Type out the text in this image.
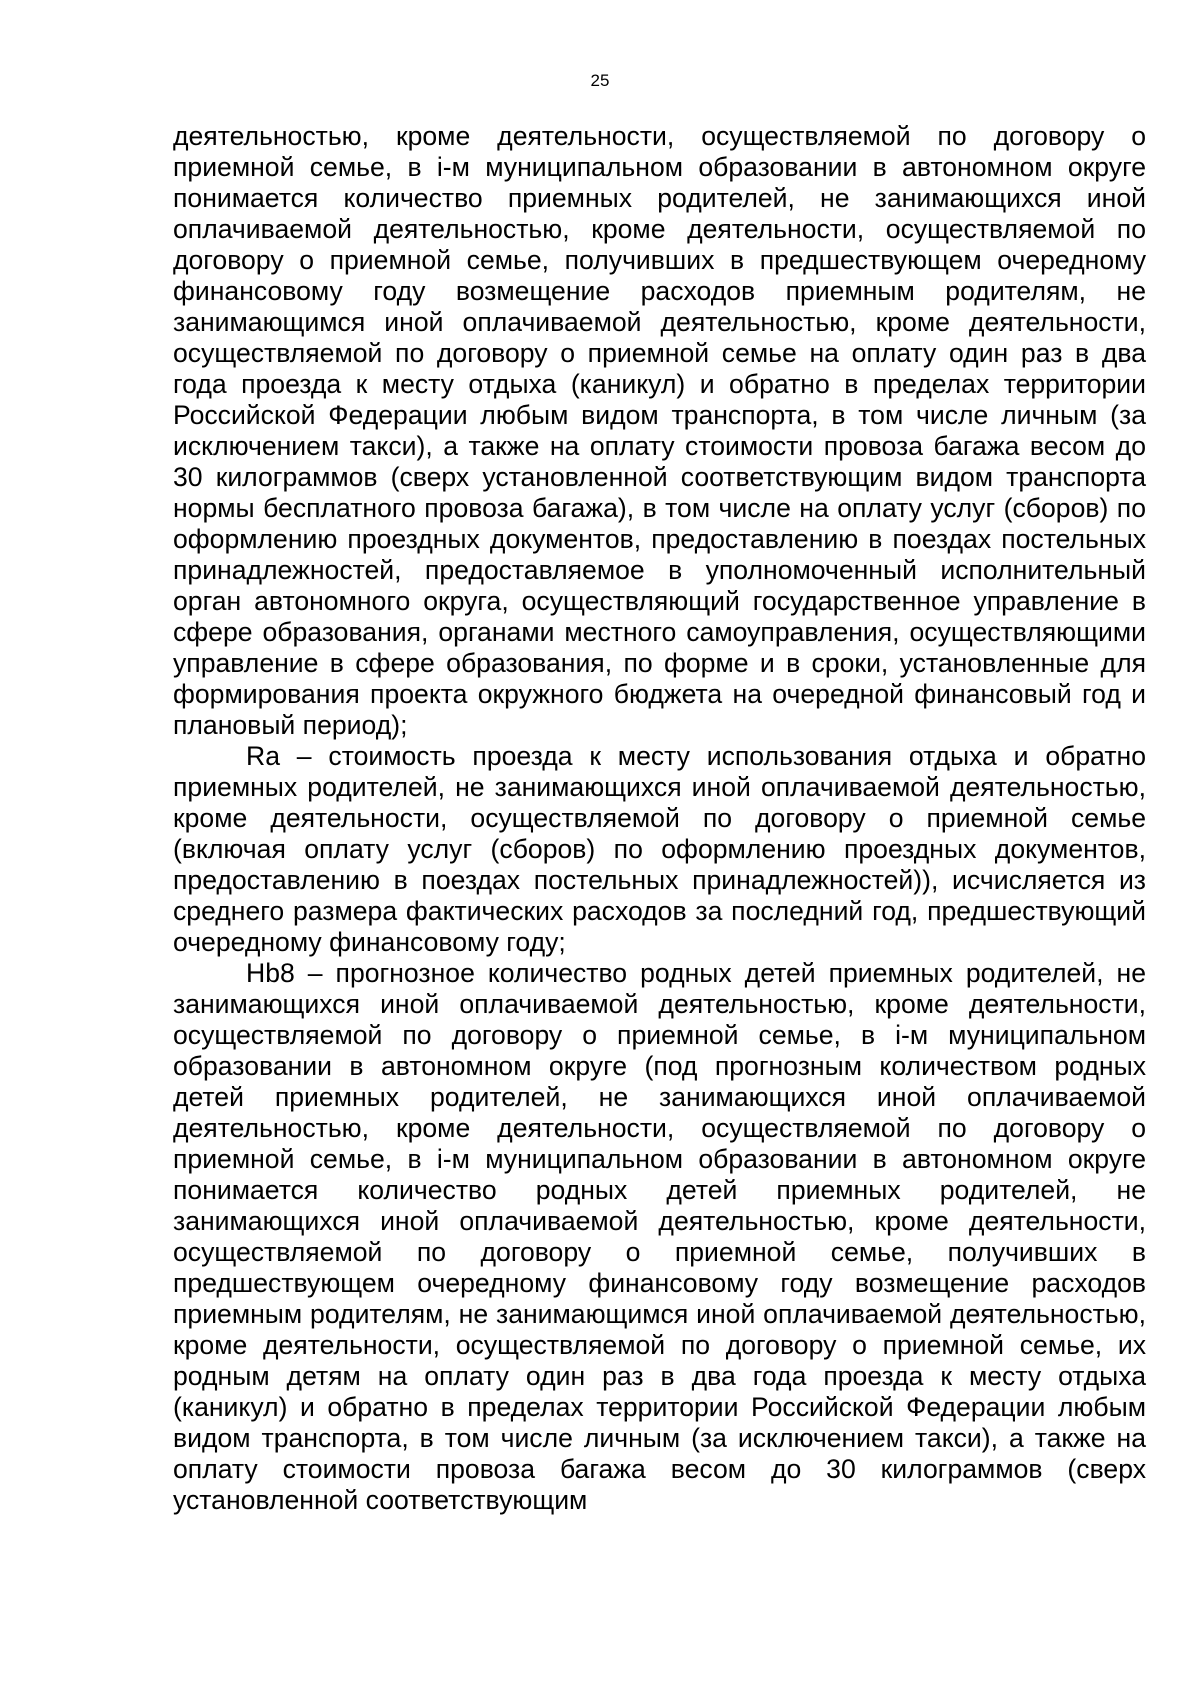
25

деятельностью, кроме деятельности, осуществляемой по договору о приемной семье, в i-м муниципальном образовании в автономном округе понимается количество приемных родителей, не занимающихся иной оплачиваемой деятельностью, кроме деятельности, осуществляемой по договору о приемной семье, получивших в предшествующем очередному финансовому году возмещение расходов приемным родителям, не занимающимся иной оплачиваемой деятельностью, кроме деятельности, осуществляемой по договору о приемной семье на оплату один раз в два года проезда к месту отдыха (каникул) и обратно в пределах территории Российской Федерации любым видом транспорта, в том числе личным (за исключением такси), а также на оплату стоимости провоза багажа весом до 30 килограммов (сверх установленной соответствующим видом транспорта нормы бесплатного провоза багажа), в том числе на оплату услуг (сборов) по оформлению проездных документов, предоставлению в поездах постельных принадлежностей, предоставляемое в уполномоченный исполнительный орган автономного округа, осуществляющий государственное управление в сфере образования, органами местного самоуправления, осуществляющими управление в сфере образования, по форме и в сроки, установленные для формирования проекта окружного бюджета на очередной финансовый год и плановый период);

Ra – стоимость проезда к месту использования отдыха и обратно приемных родителей, не занимающихся иной оплачиваемой деятельностью, кроме деятельности, осуществляемой по договору о приемной семье (включая оплату услуг (сборов) по оформлению проездных документов, предоставлению в поездах постельных принадлежностей)), исчисляется из среднего размера фактических расходов за последний год, предшествующий очередному финансовому году;

Hb8 – прогнозное количество родных детей приемных родителей, не занимающихся иной оплачиваемой деятельностью, кроме деятельности, осуществляемой по договору о приемной семье, в i-м муниципальном образовании в автономном округе (под прогнозным количеством родных детей приемных родителей, не занимающихся иной оплачиваемой деятельностью, кроме деятельности, осуществляемой по договору о приемной семье, в i-м муниципальном образовании в автономном округе понимается количество родных детей приемных родителей, не занимающихся иной оплачиваемой деятельностью, кроме деятельности, осуществляемой по договору о приемной семье, получивших в предшествующем очередному финансовому году возмещение расходов приемным родителям, не занимающимся иной оплачиваемой деятельностью, кроме деятельности, осуществляемой по договору о приемной семье, их родным детям на оплату один раз в два года проезда к месту отдыха (каникул) и обратно в пределах территории Российской Федерации любым видом транспорта, в том числе личным (за исключением такси), а также на оплату стоимости провоза багажа весом до 30 килограммов (сверх установленной соответствующим
